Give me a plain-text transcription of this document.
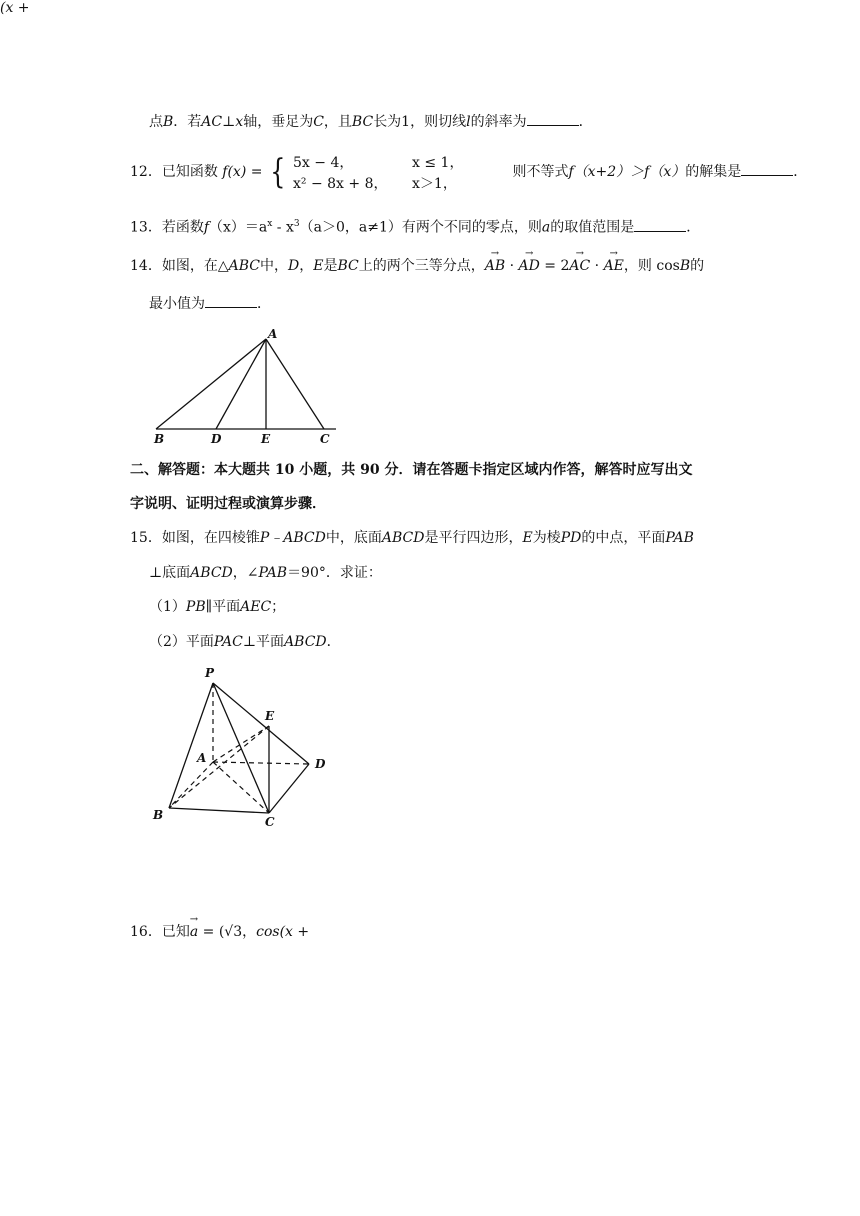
点B．若AC⊥x轴，垂足为C，且BC长为1，则切线l的斜率为	．
12．已知函数 f(x) = { 5x − 4，	x ≤ 1，
x² − 8x + 8， x＞1，
则不等式f（x+2）＞f（x）的解集是	．
13．若函数$f(x)=a^x - x^3(a>0$，a≠1）有两个不同的零点，则a的取值范围是	．
14．如图，在△ABC中，D，E是BC上的两个三等分点，→ AB · → AD = 2→ AC · → AE，则 cosB的
最小值为	．
A
B	D	E	C
二、解答题：本大题共 10 小题，共 90 分．请在答题卡指定区域内作答，解答时应写出文
字说明、证明过程或演算步骤．
15．如图，在四棱锥P﹣ABCD中，底面ABCD是平行四边形，E为棱PD的中点，平面PAB
⊥底面ABCD，∠PAB＝90°．求证：
（1）PB∥平面AEC；
（2）平面PAC⊥平面ABCD．
P
E
A	D
B	C
16．已知→ a = (√3，cos(x +
(x +
